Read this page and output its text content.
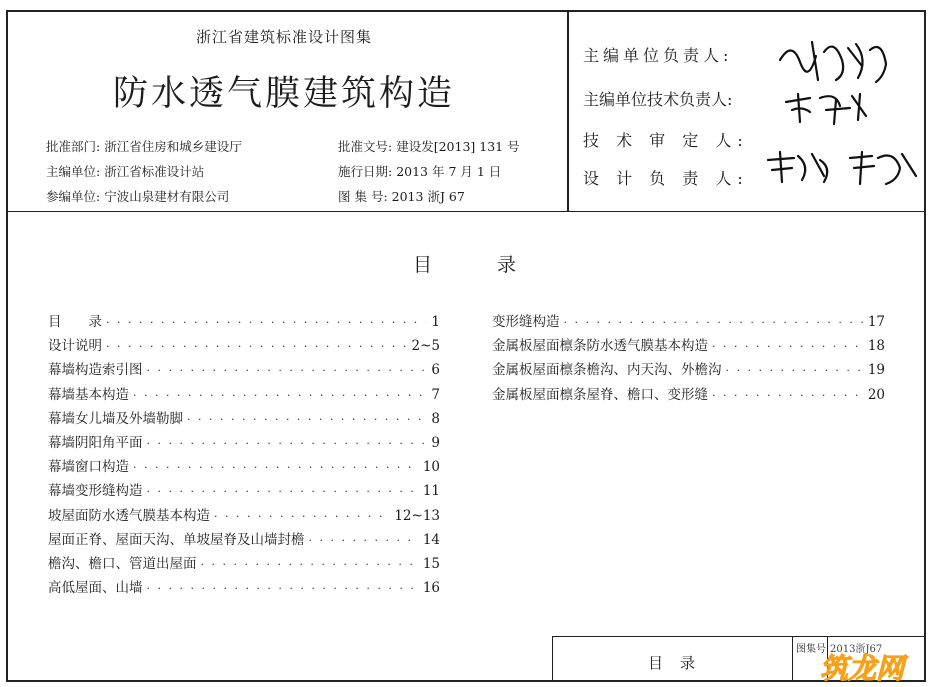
浙江省建筑标准设计图集
防水透气膜建筑构造
批准部门: 浙江省住房和城乡建设厅
主编单位: 浙江省标准设计站
参编单位: 宁波山泉建材有限公司
批准文号: 建设发[2013] 131 号
施行日期: 2013 年 7 月 1 日
图 集 号: 2013 浙J 67
主编单位负责人:
主编单位技术负责人:
技 术 审 定 人:
设 计 负 责 人:
目	录
目　　录 · · ·	1
设计说明 · · ·	2~5
幕墙构造索引图 · · ·	6
幕墙基本构造 · · ·	7
幕墙女儿墙及外墙勒脚 · · ·	8
幕墙阴阳角平面 · · ·	9
幕墙窗口构造 · · ·	10
幕墙变形缝构造 · · ·	11
坡屋面防水透气膜基本构造 · · ·	12~13
屋面正脊、屋面天沟、单坡屋脊及山墙封檐 · · ·	14
檐沟、檐口、管道出屋面 · · ·	15
高低屋面、山墙 · · ·	16
变形缝构造 · · ·	17
金属板屋面檩条防水透气膜基本构造 · · ·	18
金属板屋面檩条檐沟、内天沟、外檐沟 · · ·	19
金属板屋面檩条屋脊、檐口、变形缝 · · ·	20
目　录
图集号 2013浙J67
筑龙网
